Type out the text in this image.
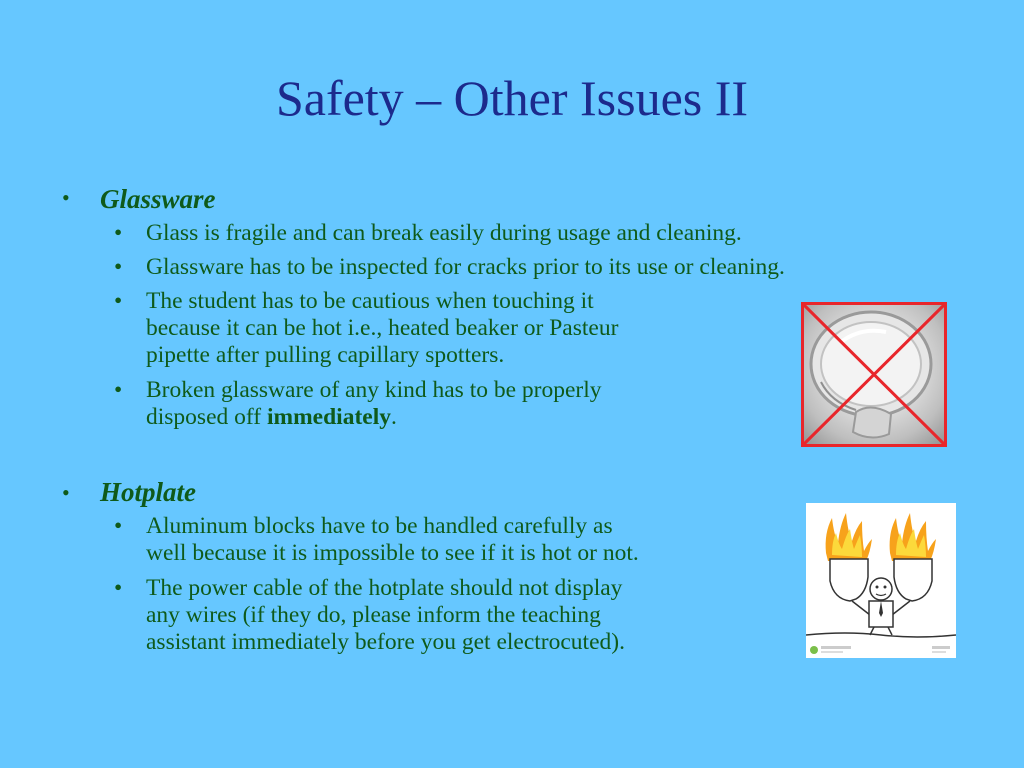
Safety – Other Issues II
• Glassware
• Glass is fragile and can break easily during usage and cleaning.
• Glassware has to be inspected for cracks prior to its use or cleaning.
• The student has to be cautious when touching it
because it can be hot i.e., heated beaker or Pasteur
pipette after pulling capillary spotters.
• Broken glassware of any kind has to be properly
disposed off immediately.
• Hotplate
• Aluminum blocks have to be handled carefully as
well because it is impossible to see if it is hot or not.
• The power cable of the hotplate should not display
any wires (if they do, please inform the teaching
assistant immediately before you get electrocuted).
